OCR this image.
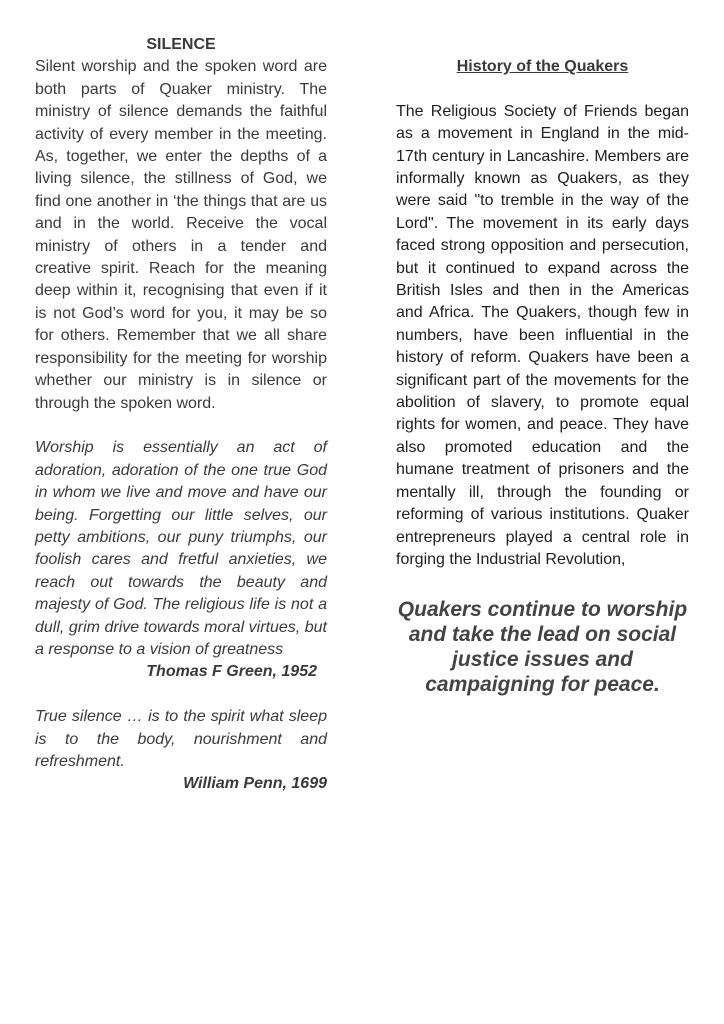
SILENCE

Silent worship and the spoken word are both parts of Quaker ministry. The ministry of silence demands the faithful activity of every member in the meeting. As, together, we enter the depths of a living silence, the stillness of God, we find one another in ‘the things that are us and in the world. Receive the vocal ministry of others in a tender and creative spirit. Reach for the meaning deep within it, recognising that even if it is not God’s word for you, it may be so for others. Remember that we all share responsibility for the meeting for worship whether our ministry is in silence or through the spoken word.

Worship is essentially an act of adoration, adoration of the one true God in whom we live and move and have our being. Forgetting our little selves, our petty ambitions, our puny triumphs, our foolish cares and fretful anxieties, we reach out towards the beauty and majesty of God. The religious life is not a dull, grim drive towards moral virtues, but a response to a vision of greatness

Thomas F Green, 1952

True silence … is to the spirit what sleep is to the body, nourishment and refreshment.

William Penn, 1699
History of the Quakers

The Religious Society of Friends began as a movement in England in the mid-17th century in Lancashire. Members are informally known as Quakers, as they were said "to tremble in the way of the Lord". The movement in its early days faced strong opposition and persecution, but it continued to expand across the British Isles and then in the Americas and Africa. The Quakers, though few in numbers, have been influential in the history of reform. Quakers have been a significant part of the movements for the abolition of slavery, to promote equal rights for women, and peace. They have also promoted education and the humane treatment of prisoners and the mentally ill, through the founding or reforming of various institutions. Quaker entrepreneurs played a central role in forging the Industrial Revolution,

Quakers continue to worship and take the lead on social justice issues and campaigning for peace.
